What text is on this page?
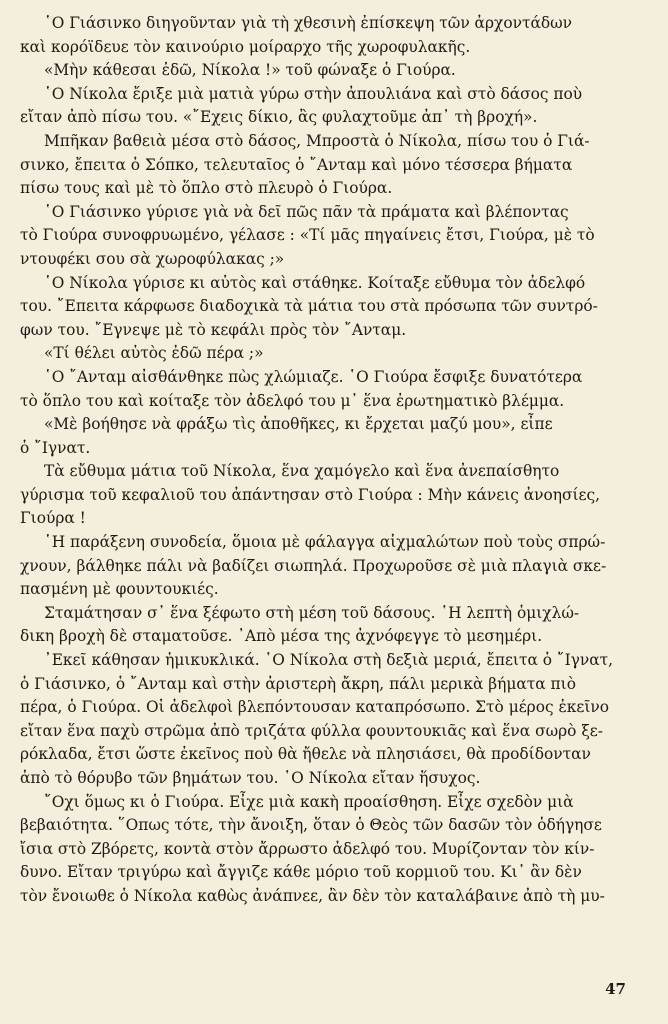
῾Ο Γιάσινκο διηγοῦνταν γιὰ τὴ χθεσινὴ ἐπίσκεψη τῶν ἀρχοντάδων
καὶ κορόϊδευε τὸν καινούριο μοίραρχο τῆς χωροφυλακῆς.
«Μὴν κάθεσαι ἐδῶ, Νίκολα !» τοῦ φώναξε ὁ Γιούρα.
῾Ο Νίκολα ἔριξε μιὰ ματιὰ γύρω στὴν ἀπουλιάνα καὶ στὸ δάσος ποὺ
εἴταν ἀπὸ πίσω του. «῎Εχεις δίκιο, ἂς φυλαχτοῦμε ἀπ᾽ τὴ βροχή».
Μπῆκαν βαθειὰ μέσα στὸ δάσος, Μπροστὰ ὁ Νίκολα, πίσω του ὁ Γιά-
σινκο, ἔπειτα ὁ Σόπκο, τελευταῖος ὁ ῎Ανταμ καὶ μόνο τέσσερα βήματα
πίσω τους καὶ μὲ τὸ ὅπλο στὸ πλευρὸ ὁ Γιούρα.
῾Ο Γιάσινκο γύρισε γιὰ νὰ δεῖ πῶς πᾶν τὰ πράματα καὶ βλέποντας
τὸ Γιούρα συνοφρυωμένο, γέλασε : «Τί μᾶς πηγαίνεις ἔτσι, Γιούρα, μὲ τὸ
ντουφέκι σου σὰ χωροφύλακας ;»
῾Ο Νίκολα γύρισε κι αὐτὸς καὶ στάθηκε. Κοίταξε εὔθυμα τὸν ἀδελφό
του. ῎Επειτα κάρφωσε διαδοχικὰ τὰ μάτια του στὰ πρόσωπα τῶν συντρό-
φων του. ῎Εγνεψε μὲ τὸ κεφάλι πρὸς τὸν ῎Ανταμ.
«Τί θέλει αὐτὸς ἐδῶ πέρα ;»
῾Ο ῎Ανταμ αἰσθάνθηκε πὼς χλώμιαζε. ῾Ο Γιούρα ἔσφιξε δυνατότερα
τὸ ὅπλο του καὶ κοίταξε τὸν ἀδελφό του μ᾽ ἕνα ἐρωτηματικὸ βλέμμα.
«Μὲ βοήθησε νὰ φράξω τὶς ἀποθῆκες, κι ἔρχεται μαζύ μου», εἶπε
ὁ ῎Ιγνατ.
Τὰ εὔθυμα μάτια τοῦ Νίκολα, ἕνα χαμόγελο καὶ ἕνα ἀνεπαίσθητο
γύρισμα τοῦ κεφαλιοῦ του ἀπάντησαν στὸ Γιούρα : Μὴν κάνεις ἀνοησίες,
Γιούρα !
῾Η παράξενη συνοδεία, ὅμοια μὲ φάλαγγα αἰχμαλώτων ποὺ τοὺς σπρώ-
χνουν, βάλθηκε πάλι νὰ βαδίζει σιωπηλά. Προχωροῦσε σὲ μιὰ πλαγιὰ σκε-
πασμένη μὲ φουντουκιές.
Σταμάτησαν σ᾽ ἕνα ξέφωτο στὴ μέση τοῦ δάσους. ῾Η λεπτὴ ὁμιχλώ-
δικη βροχὴ δὲ σταματοῦσε. ᾽Απὸ μέσα της ἀχνόφεγγε τὸ μεσημέρι.
᾽Εκεῖ κάθησαν ἡμικυκλικά. ῾Ο Νίκολα στὴ δεξιὰ μεριά, ἔπειτα ὁ ῎Ιγνατ,
ὁ Γιάσινκο, ὁ ῎Ανταμ καὶ στὴν ἀριστερὴ ἄκρη, πάλι μερικὰ βήματα πιὸ
πέρα, ὁ Γιούρα. Οἱ ἀδελφοὶ βλεπόντουσαν καταπρόσωπο. Στὸ μέρος ἐκεῖνο
εἴταν ἕνα παχὺ στρῶμα ἀπὸ τριζάτα φύλλα φουντουκιᾶς καὶ ἕνα σωρὸ ξε-
ρόκλαδα, ἔτσι ὥστε ἐκεῖνος ποὺ θὰ ἤθελε νὰ πλησιάσει, θὰ προδίδονταν
ἀπὸ τὸ θόρυβο τῶν βημάτων του. ῾Ο Νίκολα εἴταν ἥσυχος.
῎Οχι ὅμως κι ὁ Γιούρα. Εἶχε μιὰ κακὴ προαίσθηση. Εἶχε σχεδὸν μιὰ
βεβαιότητα. ῞Οπως τότε, τὴν ἄνοιξη, ὅταν ὁ Θεὸς τῶν δασῶν τὸν ὁδήγησε
ἴσια στὸ Ζβόρετς, κοντὰ στὸν ἄρρωστο ἀδελφό του. Μυρίζονταν τὸν κίν-
δυνο. Εἴταν τριγύρω καὶ ἄγγιζε κάθε μόριο τοῦ κορμιοῦ του. Κι᾽ ἂν δὲν
τὸν ἔνοιωθε ὁ Νίκολα καθὼς ἀνάπνεε, ἂν δὲν τὸν καταλάβαινε ἀπὸ τὴ μυ-
47
